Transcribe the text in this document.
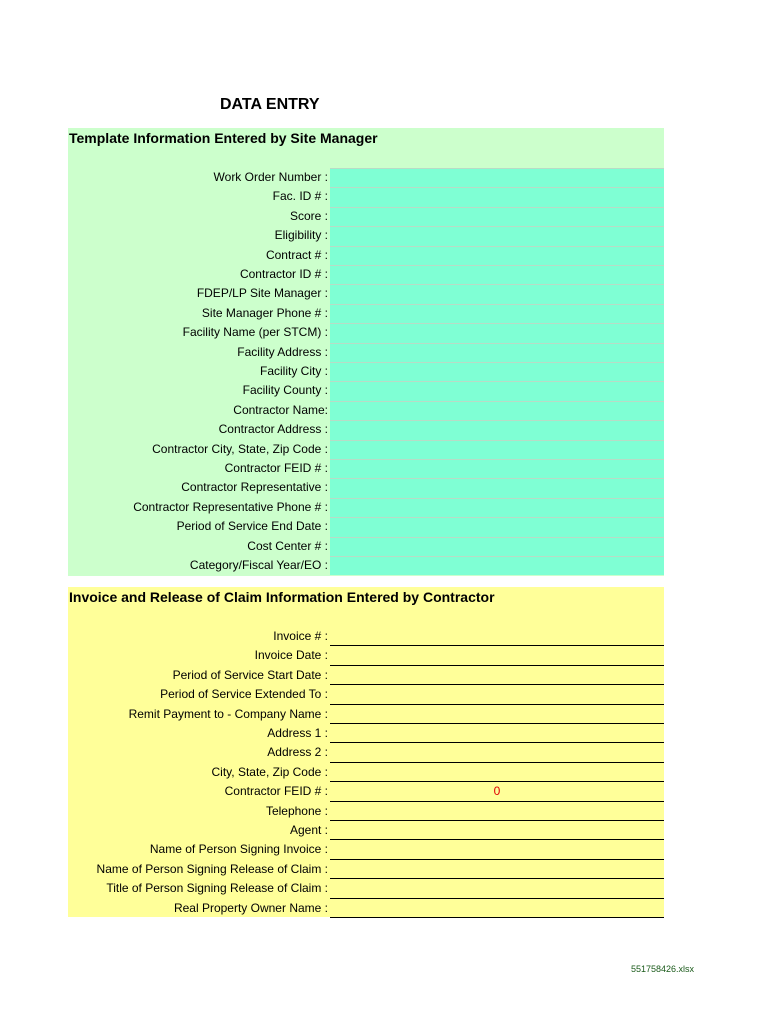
DATA ENTRY
Template Information Entered by Site Manager
Work Order Number :
Fac. ID # :
Score :
Eligibility :
Contract # :
Contractor ID # :
FDEP/LP Site Manager :
Site Manager Phone # :
Facility Name (per STCM) :
Facility Address :
Facility City :
Facility County :
Contractor Name:
Contractor Address :
Contractor City, State, Zip Code :
Contractor FEID # :
Contractor Representative :
Contractor Representative Phone # :
Period of Service End Date :
Cost Center # :
Category/Fiscal Year/EO :
Invoice and Release of Claim Information Entered by Contractor
Invoice # :
Invoice Date :
Period of Service Start Date :
Period of Service Extended To :
Remit Payment to - Company Name :
Address 1 :
Address 2 :
City, State, Zip Code :
Contractor FEID # :	0
Telephone :
Agent :
Name of Person Signing Invoice :
Name of Person Signing Release of Claim :
Title of Person Signing Release of Claim :
Real Property Owner Name :
551758426.xlsx
